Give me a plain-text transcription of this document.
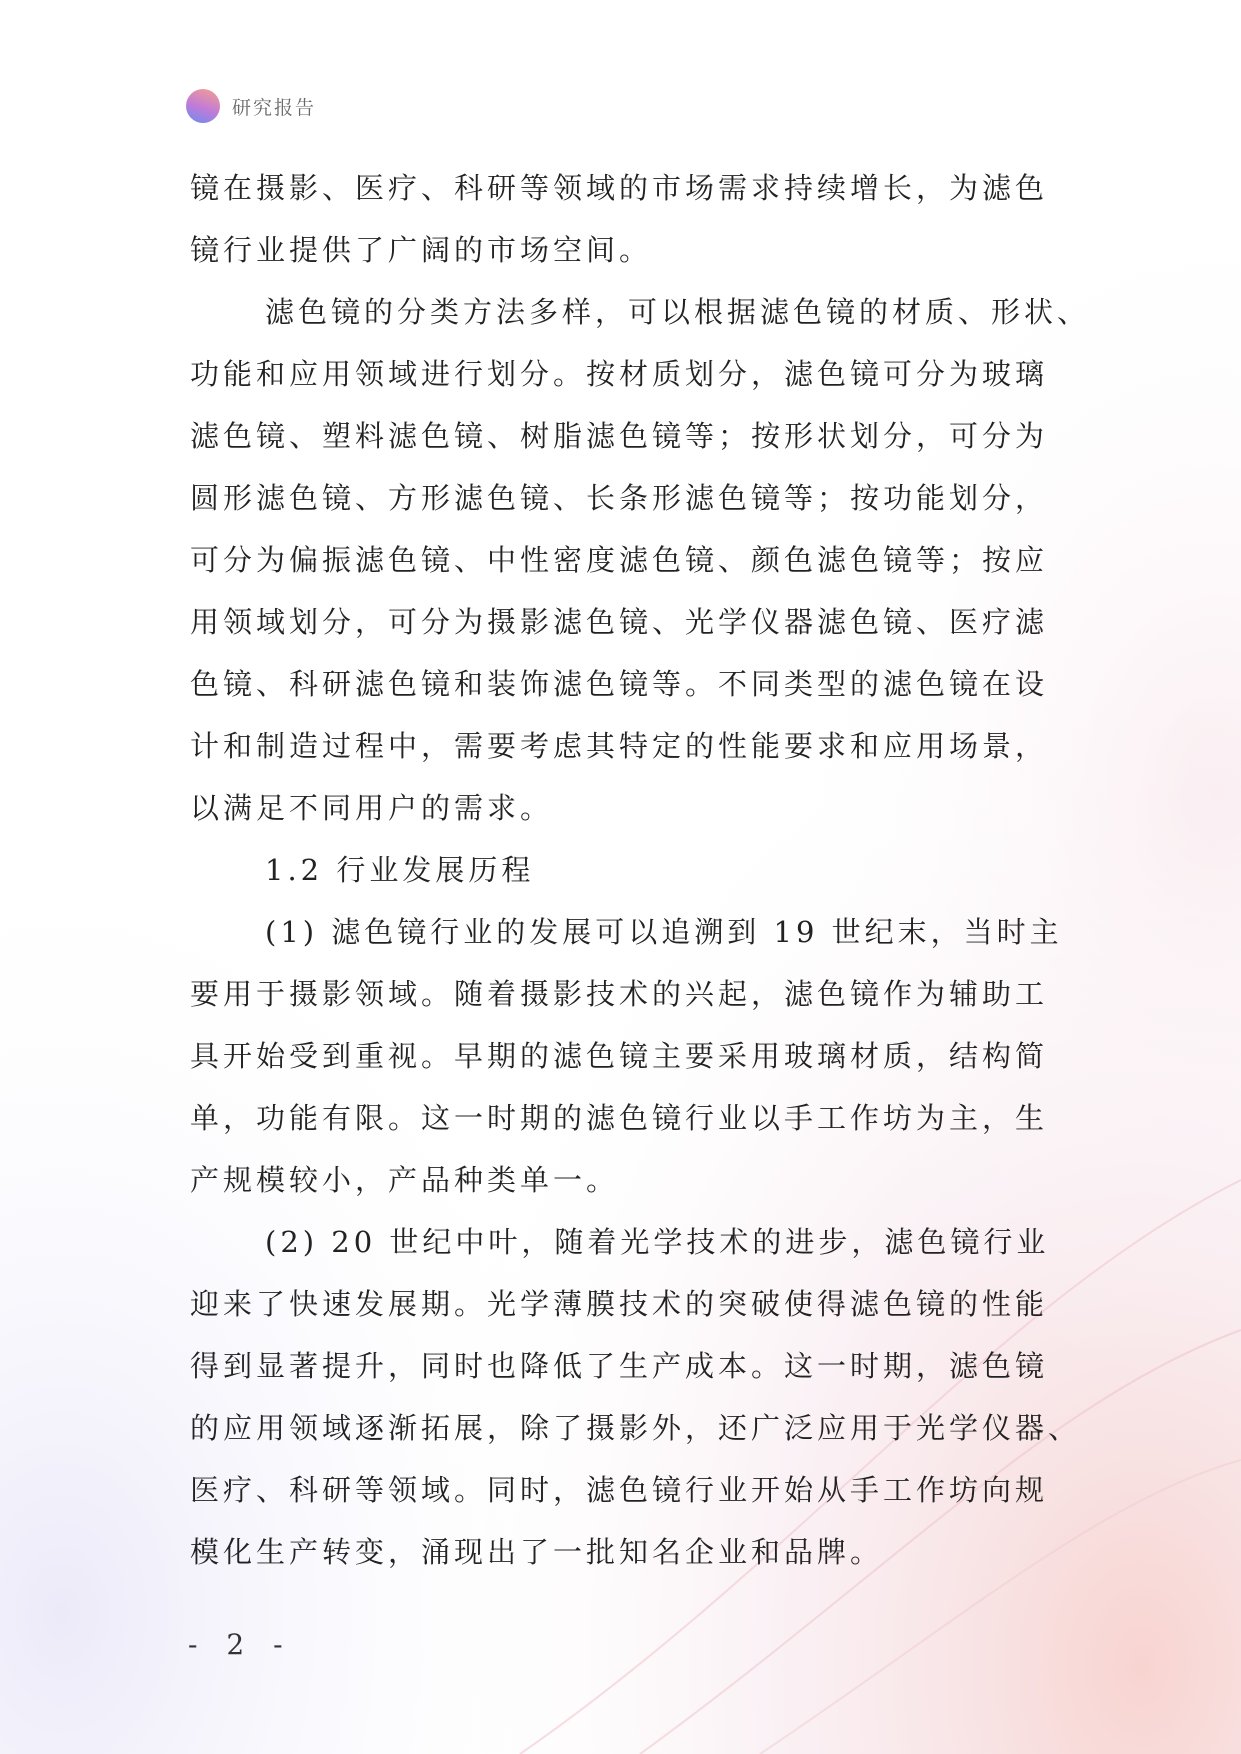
研究报告
镜在摄影、医疗、科研等领域的市场需求持续增长，为滤色
镜行业提供了广阔的市场空间。
滤色镜的分类方法多样，可以根据滤色镜的材质、形状、
功能和应用领域进行划分。按材质划分，滤色镜可分为玻璃
滤色镜、塑料滤色镜、树脂滤色镜等；按形状划分，可分为
圆形滤色镜、方形滤色镜、长条形滤色镜等；按功能划分，
可分为偏振滤色镜、中性密度滤色镜、颜色滤色镜等；按应
用领域划分，可分为摄影滤色镜、光学仪器滤色镜、医疗滤
色镜、科研滤色镜和装饰滤色镜等。不同类型的滤色镜在设
计和制造过程中，需要考虑其特定的性能要求和应用场景，
以满足不同用户的需求。
1.2 行业发展历程
(1) 滤色镜行业的发展可以追溯到 19 世纪末，当时主
要用于摄影领域。随着摄影技术的兴起，滤色镜作为辅助工
具开始受到重视。早期的滤色镜主要采用玻璃材质，结构简
单，功能有限。这一时期的滤色镜行业以手工作坊为主，生
产规模较小，产品种类单一。
(2) 20 世纪中叶，随着光学技术的进步，滤色镜行业
迎来了快速发展期。光学薄膜技术的突破使得滤色镜的性能
得到显著提升，同时也降低了生产成本。这一时期，滤色镜
的应用领域逐渐拓展，除了摄影外，还广泛应用于光学仪器、
医疗、科研等领域。同时，滤色镜行业开始从手工作坊向规
模化生产转变，涌现出了一批知名企业和品牌。
- 2 -
